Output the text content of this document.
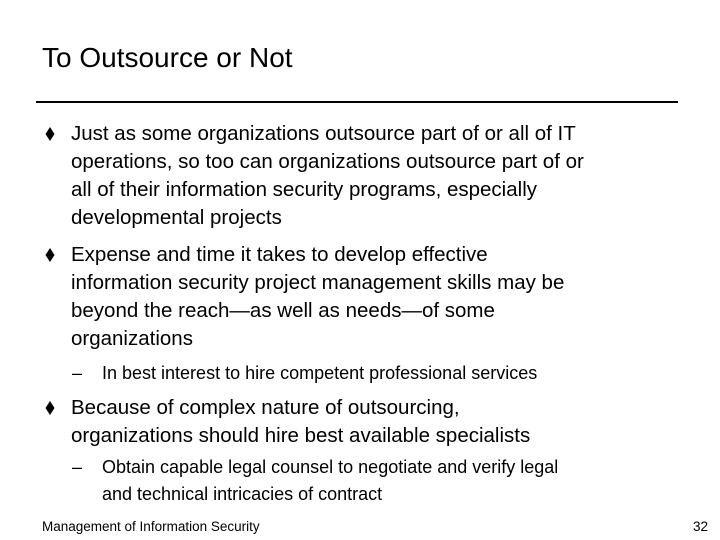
To Outsource or Not
Just as some organizations outsource part of or all of IT
operations, so too can organizations outsource part of or
all of their information security programs, especially
developmental projects
Expense and time it takes to develop effective
information security project management skills may be
beyond the reach—as well as needs—of some
organizations
– In best interest to hire competent professional services
Because of complex nature of outsourcing,
organizations should hire best available specialists
– Obtain capable legal counsel to negotiate and verify legal
and technical intricacies of contract
Management of Information Security	32
